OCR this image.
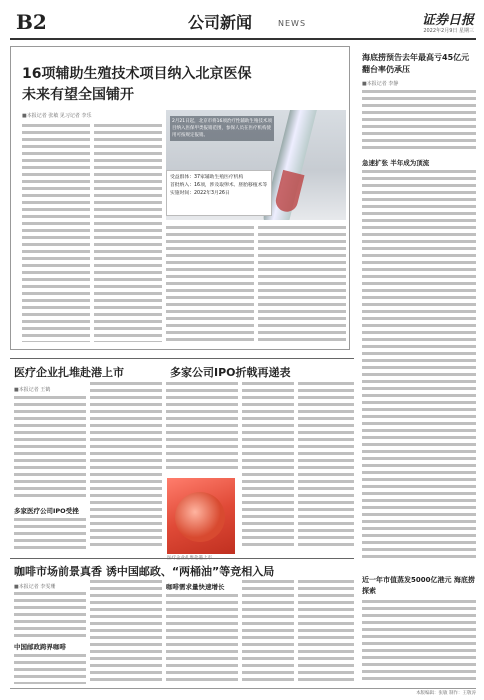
B2	公司新闻	NEWS	证券日报
2022年2月9日 星期三
16项辅助生殖技术项目纳入北京医保
未来有望全国铺开
■本报记者 张敏 见习记者 李乐
2月21日起，北京市将16项治疗性辅助生殖技术项目纳入医保甲类报销范围，参保人员在医疗机构使用可按规定报销。
受益群体：37家辅助生殖医疗机构
首批纳入：16项，涉及取卵术、胚胎移植术等
实施时间：2022年3月26日
海底捞预告去年最高亏45亿元 翻台率仍承压
■本报记者 李静
急速扩张 半年成为顶流
医疗企业扎堆赴港上市	多家公司IPO折戟再递表
■本报记者 王鹤
多家医疗公司IPO受挫
近一年市值蒸发5000亿港元 海底捞探索
咖啡市场前景真香 诱中国邮政、“两桶油”等竞相入局
■本报记者 李雯珊
中国邮政跨界咖啡
咖啡需求量快速增长
本版编辑：张敏 制作：王敬涛
